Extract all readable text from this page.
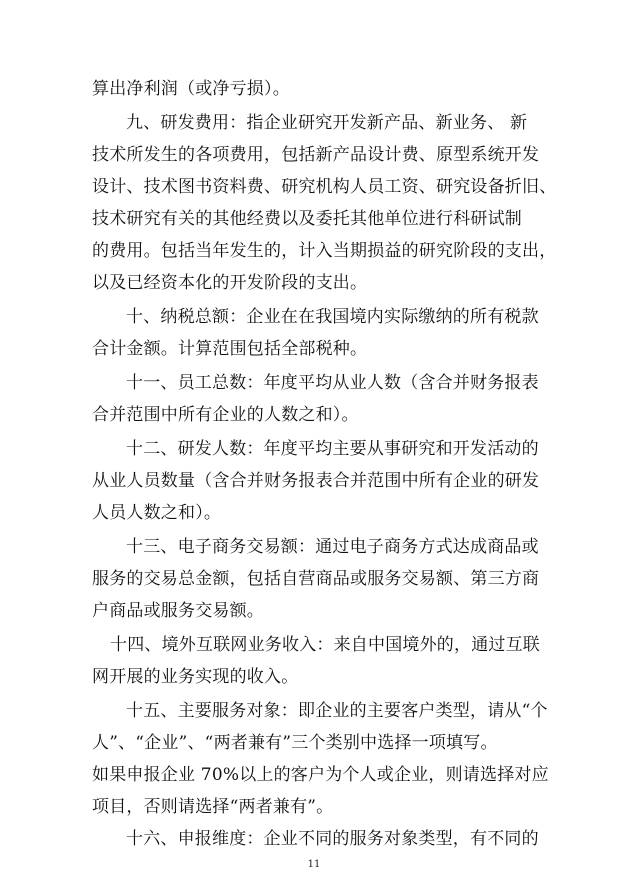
算出净利润（或净亏损）。
九、研发费用：指企业研究开发新产品、新业务、 新
技术所发生的各项费用，包括新产品设计费、原型系统开发
设计、技术图书资料费、研究机构人员工资、研究设备折旧、
技术研究有关的其他经费以及委托其他单位进行科研试制
的费用。包括当年发生的，计入当期损益的研究阶段的支出，
以及已经资本化的开发阶段的支出。
十、纳税总额：企业在在我国境内实际缴纳的所有税款
合计金额。计算范围包括全部税种。
十一、员工总数：年度平均从业人数（含合并财务报表
合并范围中所有企业的人数之和）。
十二、研发人数：年度平均主要从事研究和开发活动的
从业人员数量（含合并财务报表合并范围中所有企业的研发
人员人数之和）。
十三、电子商务交易额：通过电子商务方式达成商品或
服务的交易总金额，包括自营商品或服务交易额、第三方商
户商品或服务交易额。
十四、境外互联网业务收入：来自中国境外的，通过互联
网开展的业务实现的收入。
十五、主要服务对象：即企业的主要客户类型，请从“个
人”、“企业”、“两者兼有”三个类别中选择一项填写。
如果申报企业 70%以上的客户为个人或企业，则请选择对应
项目，否则请选择“两者兼有”。
十六、申报维度：企业不同的服务对象类型，有不同的
11
